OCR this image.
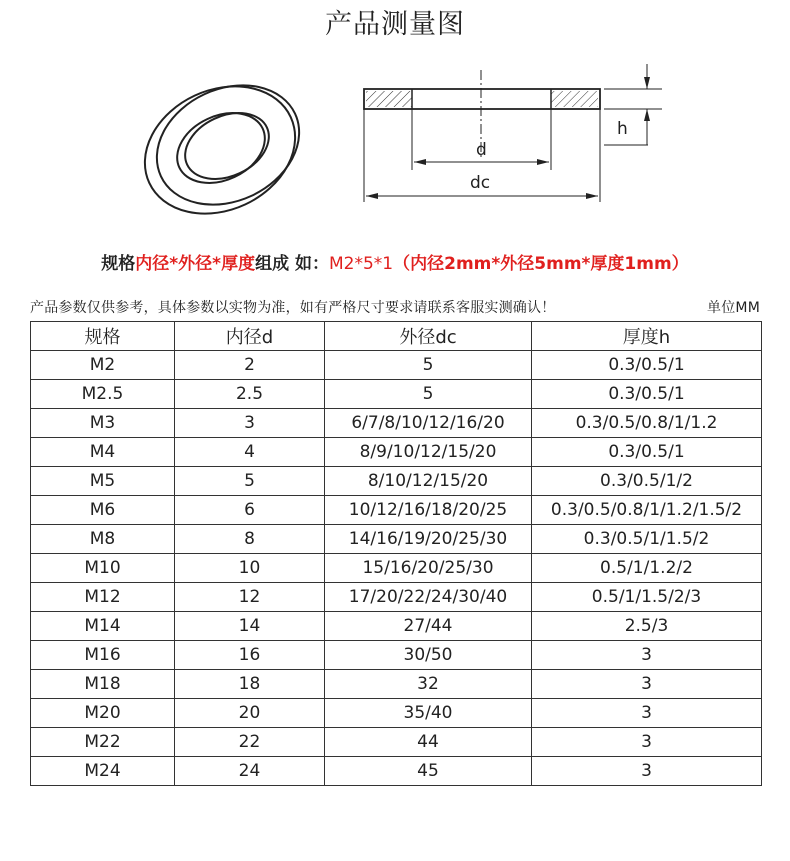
产品测量图
h
d
dc
规格内径*外径*厚度组成 如：M2*5*1（内径2mm*外径5mm*厚度1mm）
产品参数仅供参考，具体参数以实物为准，如有严格尺寸要求请联系客服实测确认！	单位MM
规格	内径d	外径dc	厚度h
M2	2	5	0.3/0.5/1
M2.5	2.5	5	0.3/0.5/1
M3	3	6/7/8/10/12/16/20	0.3/0.5/0.8/1/1.2
M4	4	8/9/10/12/15/20	0.3/0.5/1
M5	5	8/10/12/15/20	0.3/0.5/1/2
M6	6	10/12/16/18/20/25	0.3/0.5/0.8/1/1.2/1.5/2
M8	8	14/16/19/20/25/30	0.3/0.5/1/1.5/2
M10	10	15/16/20/25/30	0.5/1/1.2/2
M12	12	17/20/22/24/30/40	0.5/1/1.5/2/3
M14	14	27/44	2.5/3
M16	16	30/50	3
M18	18	32	3
M20	20	35/40	3
M22	22	44	3
M24	24	45	3
